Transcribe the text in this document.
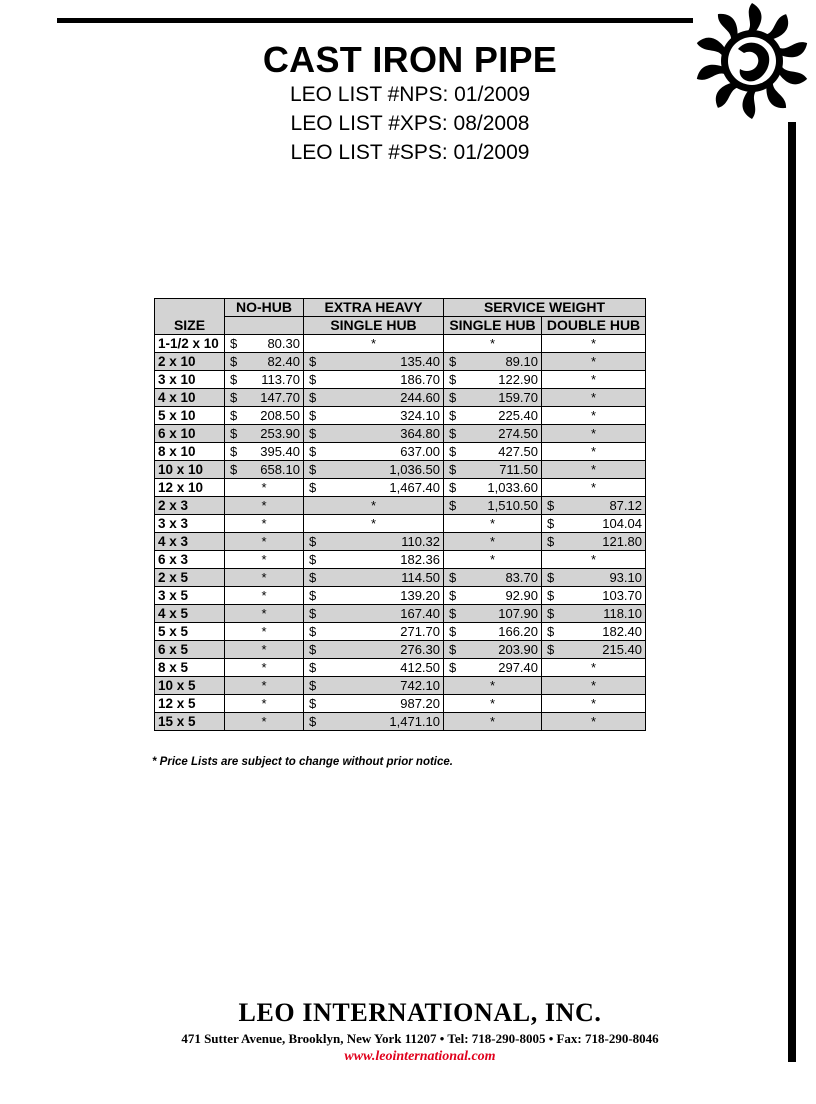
CAST IRON PIPE
LEO LIST #NPS: 01/2009
LEO LIST #XPS: 08/2008
LEO LIST #SPS: 01/2009
SIZE	NO-HUB	EXTRA HEAVY	SERVICE WEIGHT	
		SINGLE HUB	SINGLE HUB	DOUBLE HUB
1-1/2 x 10	$ 80.30	*	*	*
2 x 10	$ 82.40	$ 135.40	$ 89.10	*
3 x 10	$ 113.70	$ 186.70	$ 122.90	*
4 x 10	$ 147.70	$ 244.60	$ 159.70	*
5 x 10	$ 208.50	$ 324.10	$ 225.40	*
6 x 10	$ 253.90	$ 364.80	$ 274.50	*
8 x 10	$ 395.40	$ 637.00	$ 427.50	*
10 x 10	$ 658.10	$ 1,036.50	$ 711.50	*
12 x 10	*	$ 1,467.40	$ 1,033.60	*
2 x 3	*	*	$ 1,510.50	$ 87.12
3 x 3	*	*	*	$ 104.04
4 x 3	*	$ 110.32	*	$ 121.80
6 x 3	*	$ 182.36	*	*
2 x 5	*	$ 114.50	$ 83.70	$ 93.10
3 x 5	*	$ 139.20	$ 92.90	$ 103.70
4 x 5	*	$ 167.40	$ 107.90	$ 118.10
5 x 5	*	$ 271.70	$ 166.20	$ 182.40
6 x 5	*	$ 276.30	$ 203.90	$ 215.40
8 x 5	*	$ 412.50	$ 297.40	*
10 x 5	*	$ 742.10	*	*
12 x 5	*	$ 987.20	*	*
15 x 5	*	$ 1,471.10	*	*
* Price Lists are subject to change without prior notice.
LEO INTERNATIONAL, INC.
471 Sutter Avenue, Brooklyn, New York 11207 • Tel: 718-290-8005 • Fax: 718-290-8046
www.leointernational.com
